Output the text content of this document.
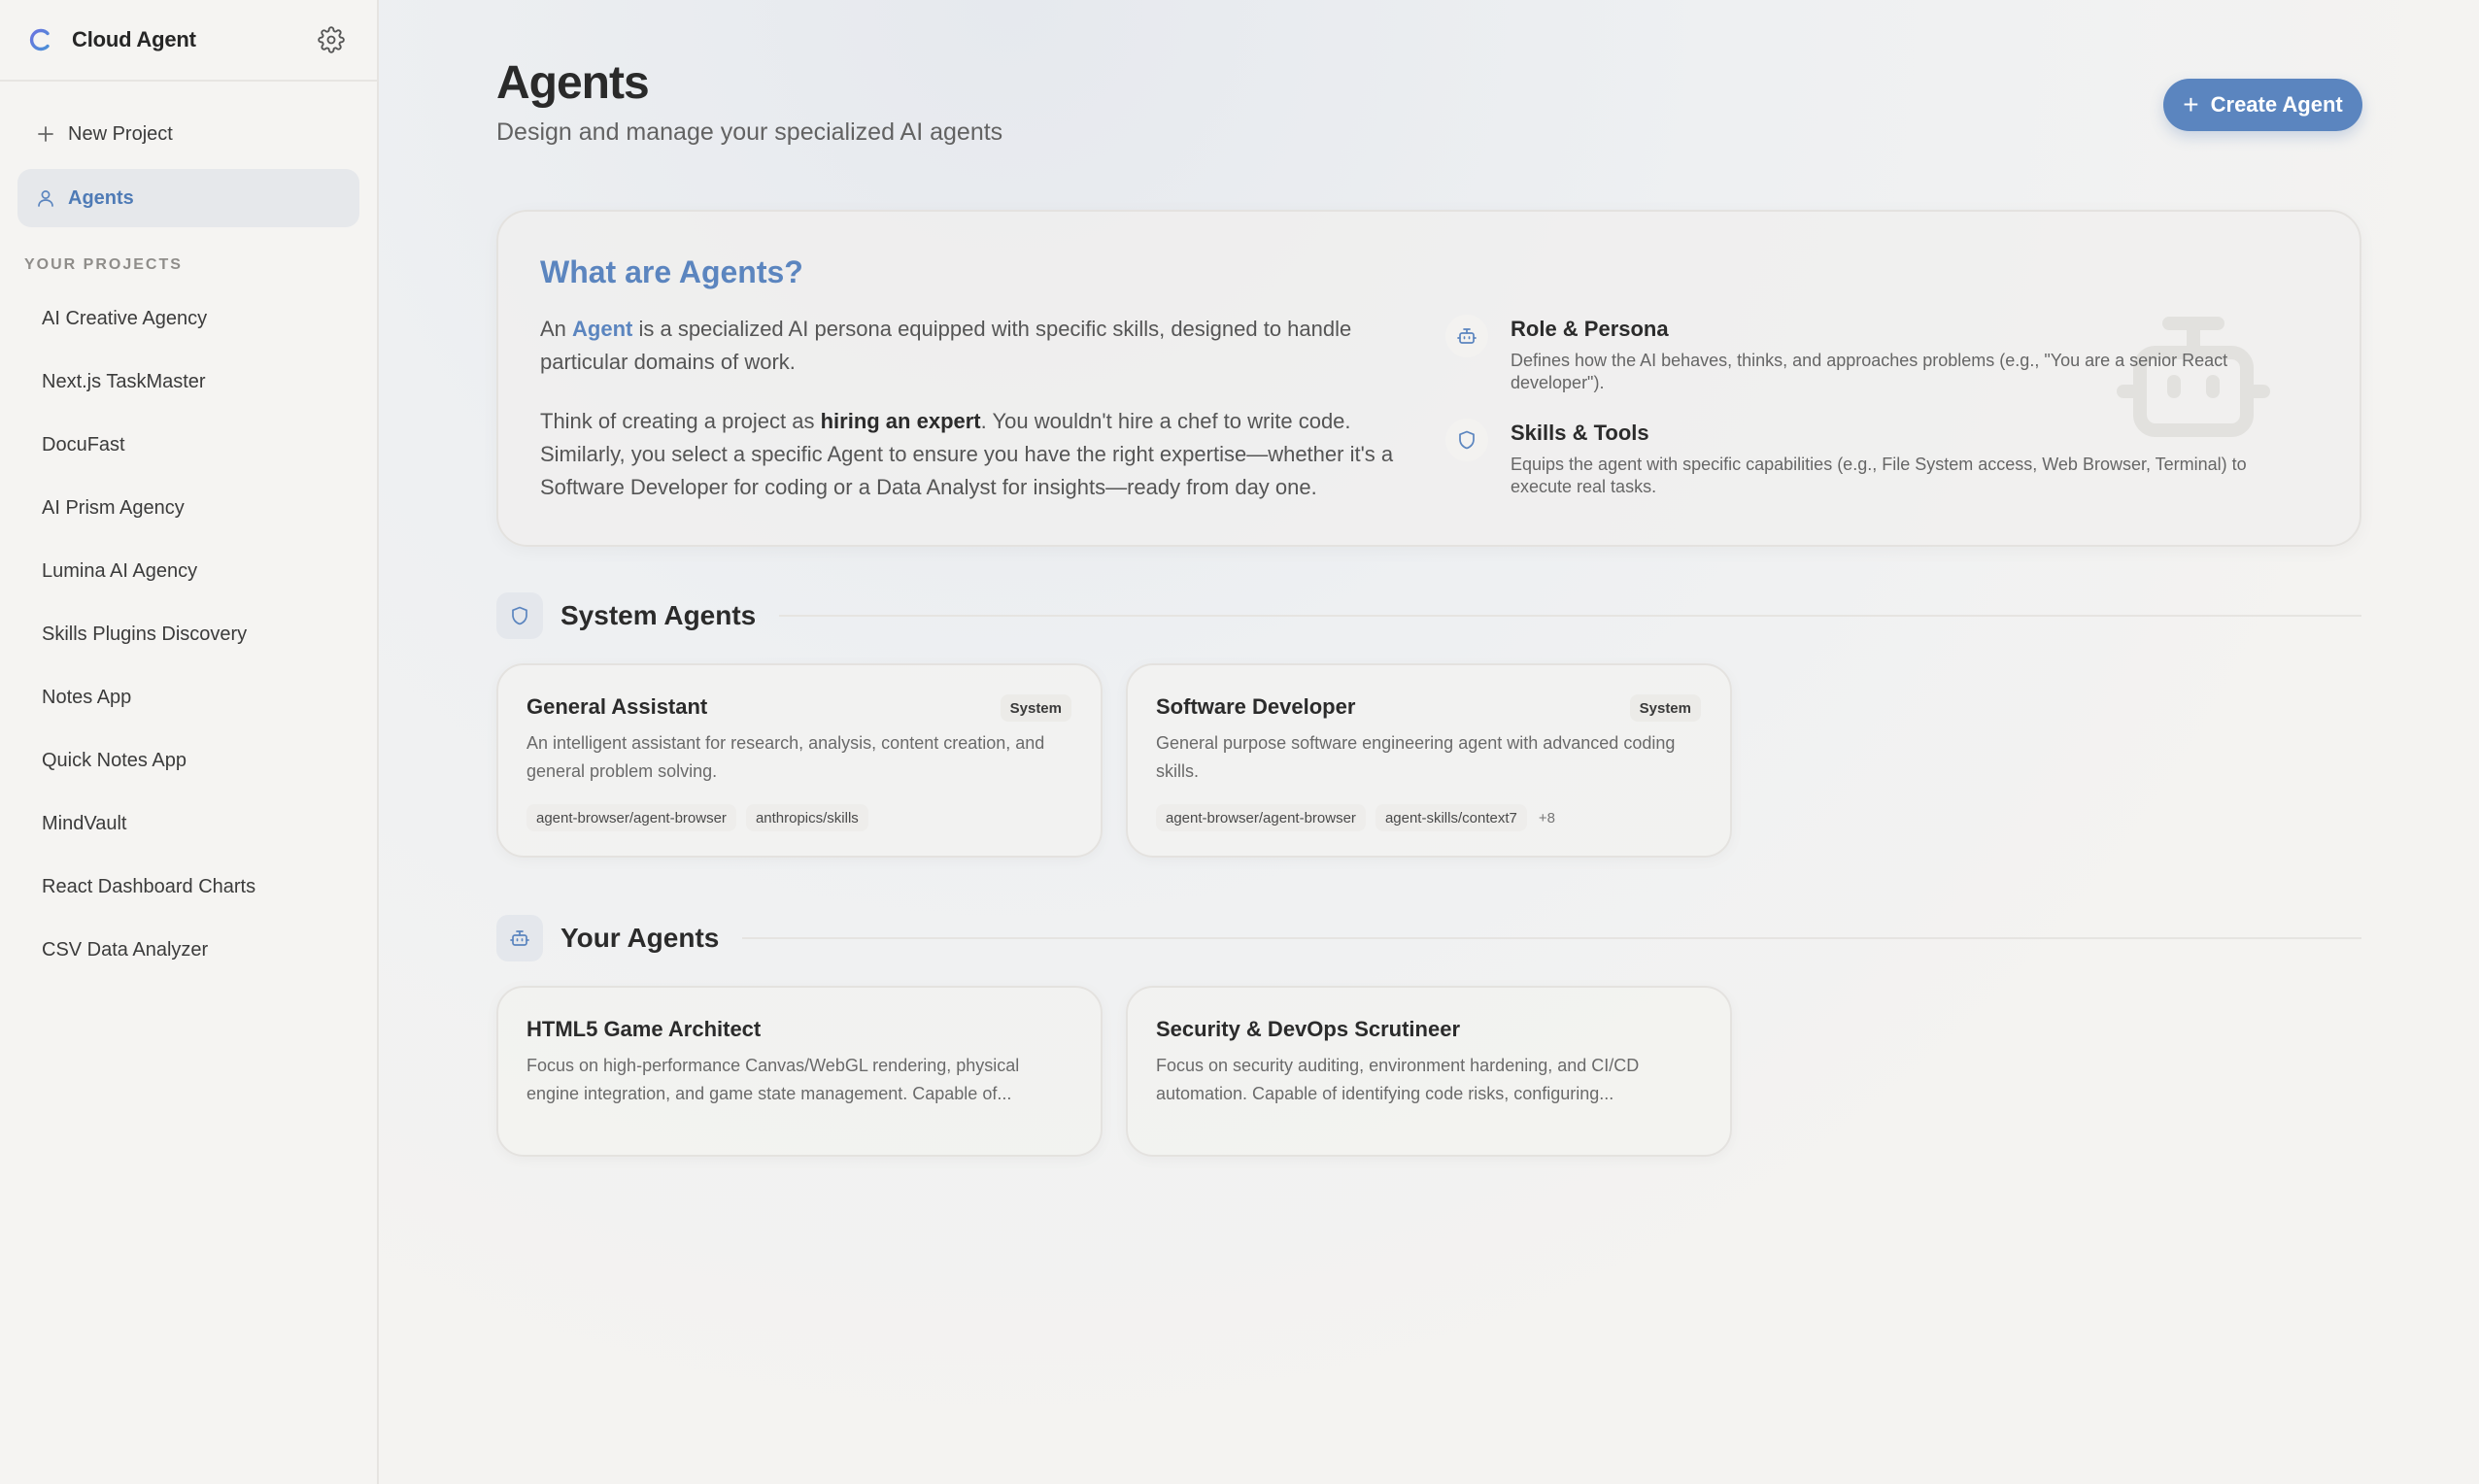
Cloud Agent
New Project
Agents
YOUR PROJECTS
AI Creative Agency
Next.js TaskMaster
DocuFast
AI Prism Agency
Lumina AI Agency
Skills Plugins Discovery
Notes App
Quick Notes App
MindVault
React Dashboard Charts
CSV Data Analyzer
Agents
Design and manage your specialized AI agents
+ Create Agent
What are Agents?

An Agent is a specialized AI persona equipped with specific skills, designed to handle particular domains of work.

Think of creating a project as hiring an expert. You wouldn't hire a chef to write code. Similarly, you select a specific Agent to ensure you have the right expertise—whether it's a Software Developer for coding or a Data Analyst for insights—ready from day one.

Role & Persona
Defines how the AI behaves, thinks, and approaches problems (e.g., "You are a senior React developer").
Skills & Tools
Equips the agent with specific capabilities (e.g., File System access, Web Browser, Terminal) to execute real tasks.
System Agents
General Assistant	System
An intelligent assistant for research, analysis, content creation, and general problem solving.
agent-browser/agent-browser	anthropics/skills
Software Developer	System
General purpose software engineering agent with advanced coding skills.
agent-browser/agent-browser	agent-skills/context7	+8
Your Agents
HTML5 Game Architect
Focus on high-performance Canvas/WebGL rendering, physical engine integration, and game state management. Capable of...
Security & DevOps Scrutineer
Focus on security auditing, environment hardening, and CI/CD automation. Capable of identifying code risks, configuring...
